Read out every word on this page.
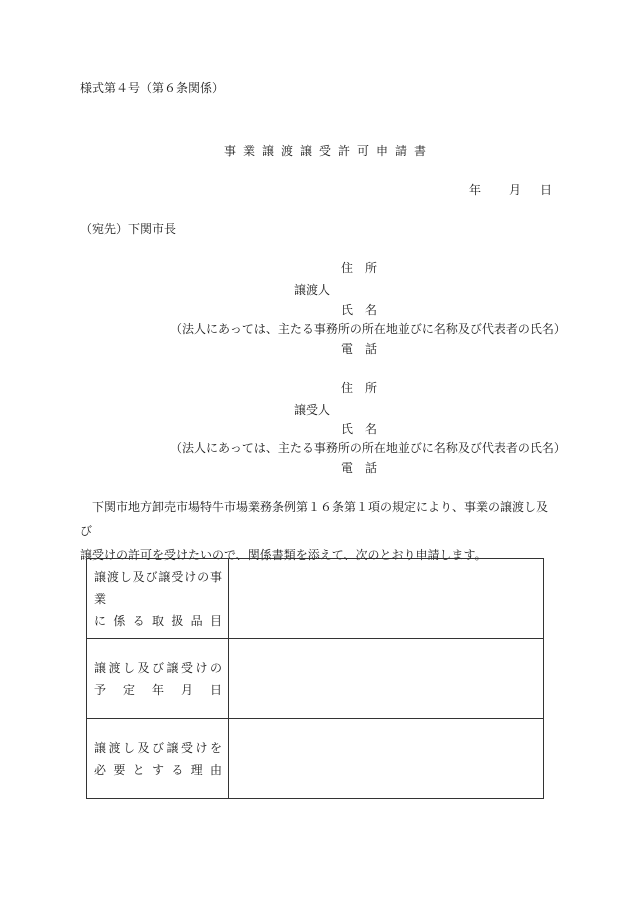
様式第４号（第６条関係）
事業譲渡譲受許可申請書
年 月 日
（宛先）下関市長
住　所
譲渡人
氏　名
（法人にあっては、主たる事務所の所在地並びに名称及び代表者の氏名）
電　話
住　所
譲受人
氏　名
（法人にあっては、主たる事務所の所在地並びに名称及び代表者の氏名）
電　話

下関市地方卸売市場特牛市場業務条例第１６条第１項の規定により、事業の譲渡し及び

譲受けの許可を受けたいので、関係書類を添えて、次のとおり申請します。

譲渡し及び譲受けの事業
に係る取扱品目	

譲渡し及び譲受けの
予定年月日	

譲渡し及び譲受けを
必要とする理由	
